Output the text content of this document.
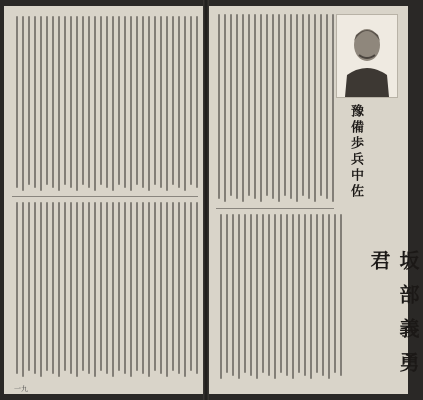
豫備歩兵中佐
坂部義勇君
一九
